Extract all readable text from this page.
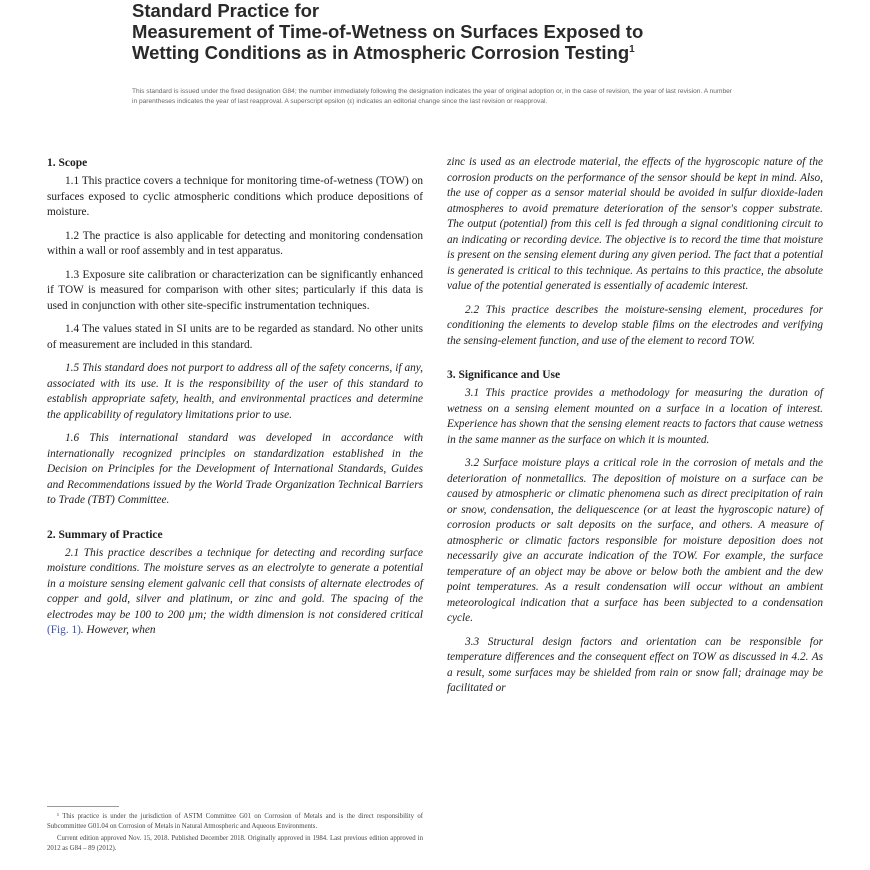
Standard Practice for
Measurement of Time-of-Wetness on Surfaces Exposed to
Wetting Conditions as in Atmospheric Corrosion Testing$^1$
This standard is issued under the fixed designation G84; the number immediately following the designation indicates the year of original adoption or, in the case of revision, the year of last revision. A number in parentheses indicates the year of last reapproval. A superscript epsilon (ε) indicates an editorial change since the last revision or reapproval.
1. Scope

1.1 This practice covers a technique for monitoring time-of-wetness (TOW) on surfaces exposed to cyclic atmospheric conditions which produce depositions of moisture.

1.2 The practice is also applicable for detecting and monitoring condensation within a wall or roof assembly and in test apparatus.

1.3 Exposure site calibration or characterization can be significantly enhanced if TOW is measured for comparison with other sites; particularly if this data is used in conjunction with other site-specific instrumentation techniques.

1.4 The values stated in SI units are to be regarded as standard. No other units of measurement are included in this standard.

1.5 This standard does not purport to address all of the safety concerns, if any, associated with its use. It is the responsibility of the user of this standard to establish appropriate safety, health, and environmental practices and determine the applicability of regulatory limitations prior to use.

1.6 This international standard was developed in accordance with internationally recognized principles on standardization established in the Decision on Principles for the Development of International Standards, Guides and Recommendations issued by the World Trade Organization Technical Barriers to Trade (TBT) Committee.

2. Summary of Practice

2.1 This practice describes a technique for detecting and recording surface moisture conditions. The moisture serves as an electrolyte to generate a potential in a moisture sensing element galvanic cell that consists of alternate electrodes of copper and gold, silver and platinum, or zinc and gold. The spacing of the electrodes may be 100 to 200 µm; the width dimension is not considered critical (Fig. 1). However, when

zinc is used as an electrode material, the effects of the hygroscopic nature of the corrosion products on the performance of the sensor should be kept in mind. Also, the use of copper as a sensor material should be avoided in sulfur dioxide-laden atmospheres to avoid premature deterioration of the sensor's copper substrate. The output (potential) from this cell is fed through a signal conditioning circuit to an indicating or recording device. The objective is to record the time that moisture is present on the sensing element during any given period. The fact that a potential is generated is critical to this technique. As pertains to this practice, the absolute value of the potential generated is essentially of academic interest.

2.2 This practice describes the moisture-sensing element, procedures for conditioning the elements to develop stable films on the electrodes and verifying the sensing-element function, and use of the element to record TOW.

3. Significance and Use

3.1 This practice provides a methodology for measuring the duration of wetness on a sensing element mounted on a surface in a location of interest. Experience has shown that the sensing element reacts to factors that cause wetness in the same manner as the surface on which it is mounted.

3.2 Surface moisture plays a critical role in the corrosion of metals and the deterioration of nonmetallics. The deposition of moisture on a surface can be caused by atmospheric or climatic phenomena such as direct precipitation of rain or snow, condensation, the deliquescence (or at least the hygroscopic nature) of corrosion products or salt deposits on the surface, and others. A measure of atmospheric or climatic factors responsible for moisture deposition does not necessarily give an accurate indication of the TOW. For example, the surface temperature of an object may be above or below both the ambient and the dew point temperatures. As a result condensation will occur without an ambient meteorological indication that a surface has been subjected to a condensation cycle.

3.3 Structural design factors and orientation can be responsible for temperature differences and the consequent effect on TOW as discussed in 4.2. As a result, some surfaces may be shielded from rain or snow fall; drainage may be facilitated or

¹ This practice is under the jurisdiction of ASTM Committee G01 on Corrosion of Metals and is the direct responsibility of Subcommittee G01.04 on Corrosion of Metals in Natural Atmospheric and Aqueous Environments.

Current edition approved Nov. 15, 2018. Published December 2018. Originally approved in 1984. Last previous edition approved in 2012 as G84 – 89 (2012).
